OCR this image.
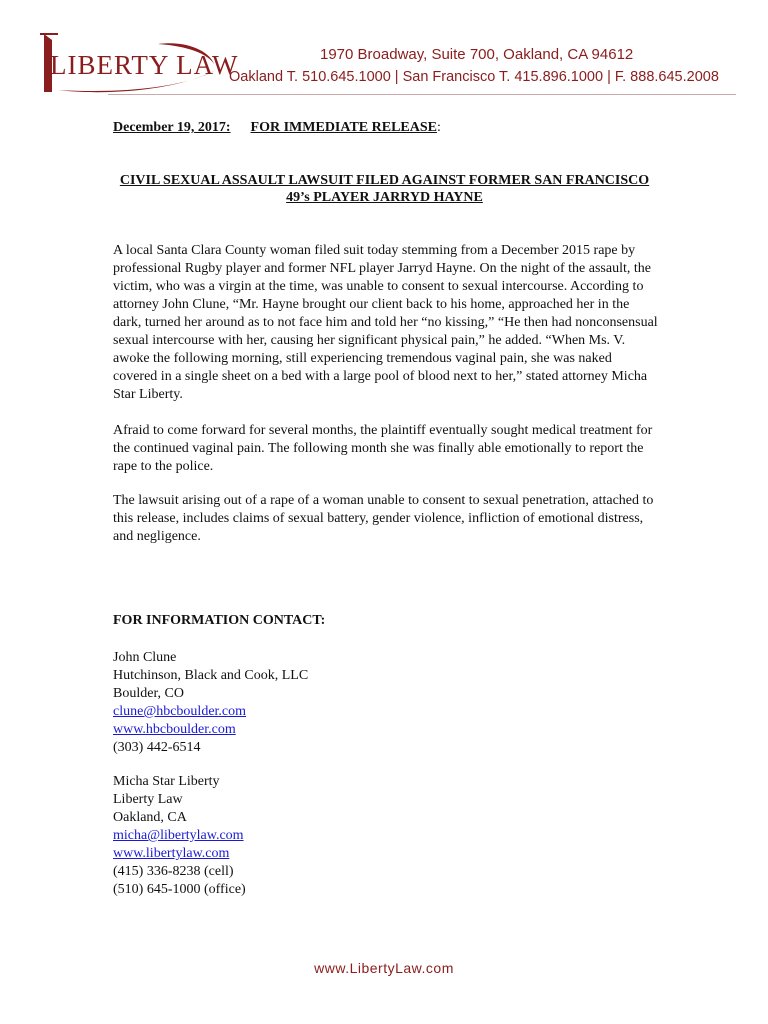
LIBERTY LAW	1970 Broadway, Suite 700, Oakland, CA 94612
Oakland T. 510.645.1000 | San Francisco T. 415.896.1000 | F. 888.645.2008
December 19, 2017: FOR IMMEDIATE RELEASE:
CIVIL SEXUAL ASSAULT LAWSUIT FILED AGAINST FORMER SAN FRANCISCO 49’s PLAYER JARRYD HAYNE

A local Santa Clara County woman filed suit today stemming from a December 2015 rape by professional Rugby player and former NFL player Jarryd Hayne. On the night of the assault, the victim, who was a virgin at the time, was unable to consent to sexual intercourse. According to attorney John Clune, “Mr. Hayne brought our client back to his home, approached her in the dark, turned her around as to not face him and told her “no kissing,” “He then had nonconsensual sexual intercourse with her, causing her significant physical pain,” he added. “When Ms. V. awoke the following morning, still experiencing tremendous vaginal pain, she was naked covered in a single sheet on a bed with a large pool of blood next to her,” stated attorney Micha Star Liberty.

Afraid to come forward for several months, the plaintiff eventually sought medical treatment for the continued vaginal pain. The following month she was finally able emotionally to report the rape to the police.

The lawsuit arising out of a rape of a woman unable to consent to sexual penetration, attached to this release, includes claims of sexual battery, gender violence, infliction of emotional distress, and negligence.

FOR INFORMATION CONTACT:
John Clune
Hutchinson, Black and Cook, LLC
Boulder, CO
clune@hbcboulder.com
www.hbcboulder.com
(303) 442-6514
Micha Star Liberty
Liberty Law
Oakland, CA
micha@libertylaw.com
www.libertylaw.com
(415) 336-8238 (cell)
(510) 645-1000 (office)
www.LibertyLaw.com
